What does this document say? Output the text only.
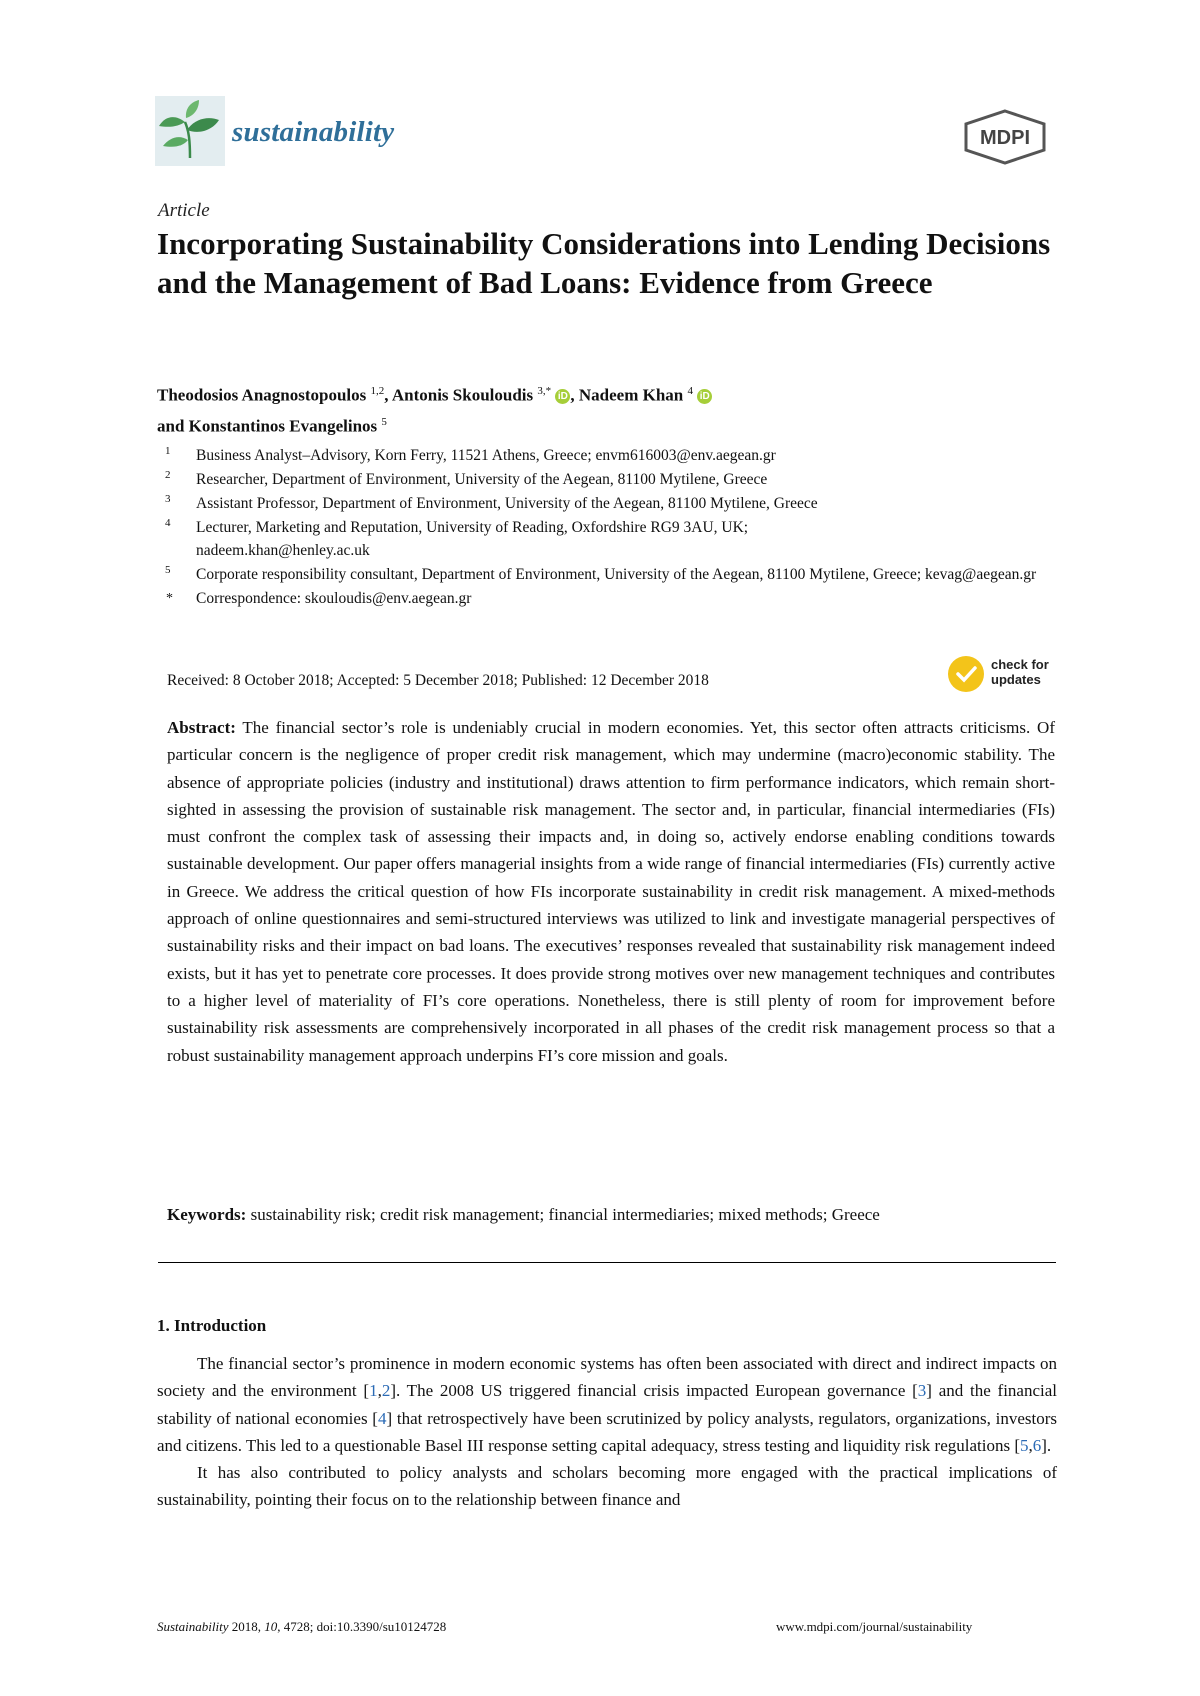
sustainability	MDPI
Article
Incorporating Sustainability Considerations into Lending Decisions and the Management of Bad Loans: Evidence from Greece
Theodosios Anagnostopoulos $^{1,2}$, Antonis Skouloudis $^{3,*}$ iD , Nadeem Khan $^4$ iD
and Konstantinos Evangelinos $^5$
1 Business Analyst–Advisory, Korn Ferry, 11521 Athens, Greece; envm616003@env.aegean.gr
2 Researcher, Department of Environment, University of the Aegean, 81100 Mytilene, Greece
3 Assistant Professor, Department of Environment, University of the Aegean, 81100 Mytilene, Greece
4 Lecturer, Marketing and Reputation, University of Reading, Oxfordshire RG9 3AU, UK; nadeem.khan@henley.ac.uk
5 Corporate responsibility consultant, Department of Environment, University of the Aegean, 81100 Mytilene, Greece; kevag@aegean.gr
* Correspondence: skouloudis@env.aegean.gr
Received: 8 October 2018; Accepted: 5 December 2018; Published: 12 December 2018
check for
updates
Abstract: The financial sector’s role is undeniably crucial in modern economies. Yet, this sector often attracts criticisms. Of particular concern is the negligence of proper credit risk management, which may undermine (macro)economic stability. The absence of appropriate policies (industry and institutional) draws attention to firm performance indicators, which remain short-sighted in assessing the provision of sustainable risk management. The sector and, in particular, financial intermediaries (FIs) must confront the complex task of assessing their impacts and, in doing so, actively endorse enabling conditions towards sustainable development. Our paper offers managerial insights from a wide range of financial intermediaries (FIs) currently active in Greece. We address the critical question of how FIs incorporate sustainability in credit risk management. A mixed-methods approach of online questionnaires and semi-structured interviews was utilized to link and investigate managerial perspectives of sustainability risks and their impact on bad loans. The executives’ responses revealed that sustainability risk management indeed exists, but it has yet to penetrate core processes. It does provide strong motives over new management techniques and contributes to a higher level of materiality of FI’s core operations. Nonetheless, there is still plenty of room for improvement before sustainability risk assessments are comprehensively incorporated in all phases of the credit risk management process so that a robust sustainability management approach underpins FI’s core mission and goals.
Keywords: sustainability risk; credit risk management; financial intermediaries; mixed methods; Greece
1. Introduction

The financial sector’s prominence in modern economic systems has often been associated with direct and indirect impacts on society and the environment [1,2]. The 2008 US triggered financial crisis impacted European governance [3] and the financial stability of national economies [4] that retrospectively have been scrutinized by policy analysts, regulators, organizations, investors and citizens. This led to a questionable Basel III response setting capital adequacy, stress testing and liquidity risk regulations [5,6].

It has also contributed to policy analysts and scholars becoming more engaged with the practical implications of sustainability, pointing their focus on to the relationship between finance and

Sustainability 2018, 10, 4728; doi:10.3390/su10124728	www.mdpi.com/journal/sustainability
